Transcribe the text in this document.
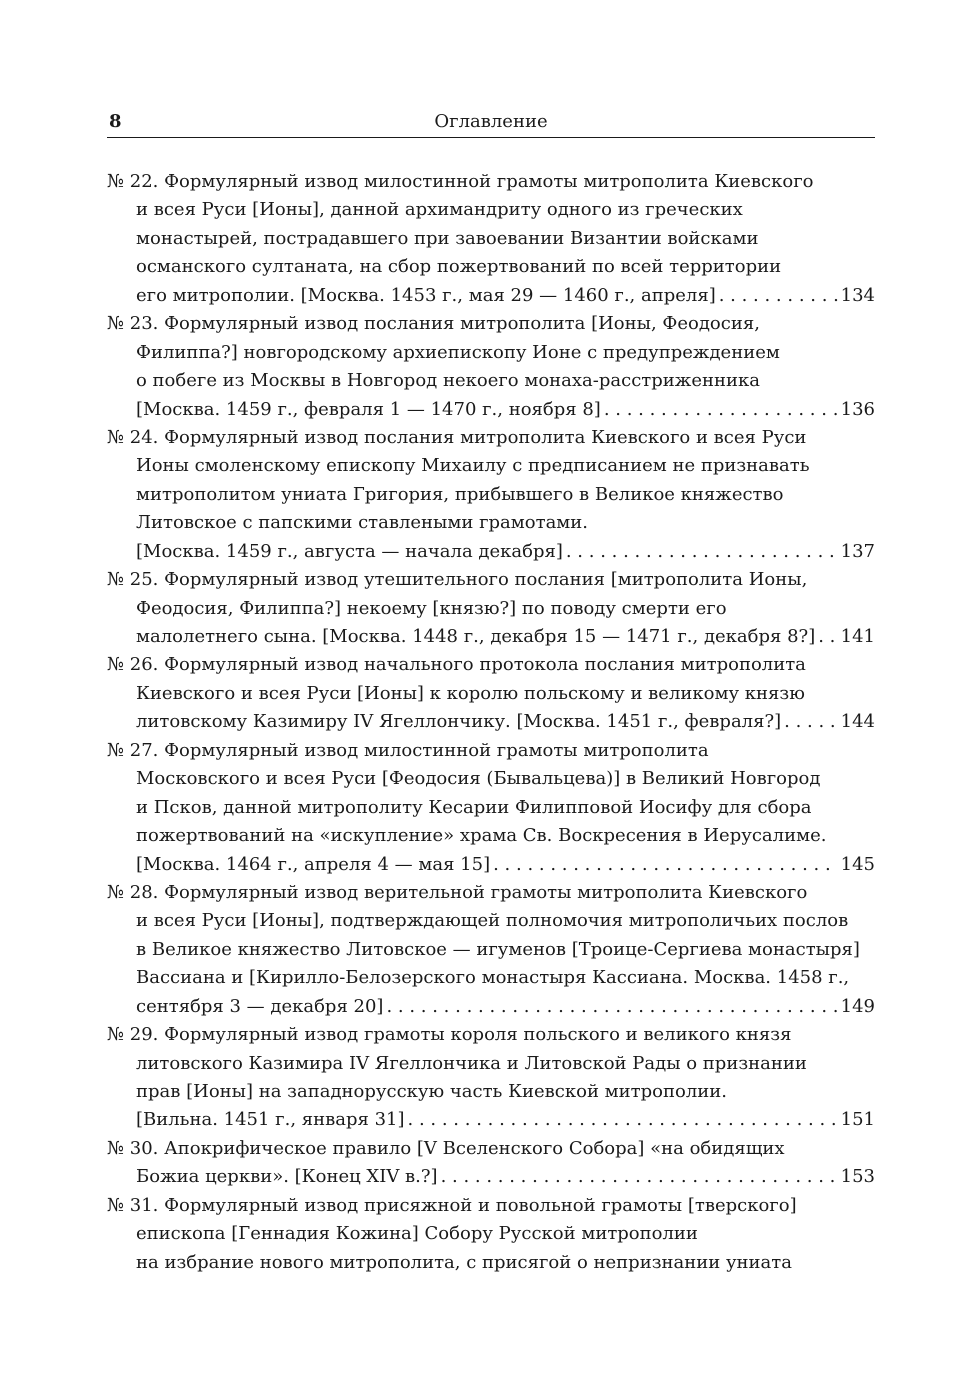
8	Оглавление
№ 22. Формулярный извод милостинной грамоты митрополита Киевского
и всея Руси [Ионы], данной архимандриту одного из греческих
монастырей, пострадавшего при завоевании Византии войсками
османского султаната, на сбор пожертвований по всей территории
его митрополии. [Москва. 1453 г., мая 29 — 1460 г., апреля] . . .	134
№ 23. Формулярный извод послания митрополита [Ионы, Феодосия,
Филиппа?] новгородскому архиепископу Ионе с предупреждением
о побеге из Москвы в Новгород некоего монаха-расстриженника
[Москва. 1459 г., февраля 1 — 1470 г., ноября 8] . . .	136
№ 24. Формулярный извод послания митрополита Киевского и всея Руси
Ионы смоленскому епископу Михаилу с предписанием не признавать
митрополитом униата Григория, прибывшего в Великое княжество
Литовское с папскими ставлеными грамотами.
[Москва. 1459 г., августа — начала декабря] . . .	137
№ 25. Формулярный извод утешительного послания [митрополита Ионы,
Феодосия, Филиппа?] некоему [князю?] по поводу смерти его
малолетнего сына. [Москва. 1448 г., декабря 15 — 1471 г., декабря 8?] . . . 141
№ 26. Формулярный извод начального протокола послания митрополита
Киевского и всея Руси [Ионы] к королю польскому и великому князю
литовскому Казимиру IV Ягеллончику. [Москва. 1451 г., февраля?] . . .	144
№ 27. Формулярный извод милостинной грамоты митрополита
Московского и всея Руси [Феодосия (Бывальцева)] в Великий Новгород
и Псков, данной митрополиту Кесарии Филипповой Иосифу для сбора
пожертвований на «искупление» храма Св. Воскресения в Иерусалиме.
[Москва. 1464 г., апреля 4 — мая 15] . . .	145
№ 28. Формулярный извод верительной грамоты митрополита Киевского
и всея Руси [Ионы], подтверждающей полномочия митрополичьих послов
в Великое княжество Литовское — игуменов [Троице-Сергиева монастыря]
Вассиана и [Кирилло-Белозерского монастыря Кассиана. Москва. 1458 г.,
сентября 3 — декабря 20] . . .	149
№ 29. Формулярный извод грамоты короля польского и великого князя
литовского Казимира IV Ягеллончика и Литовской Рады о признании
прав [Ионы] на западнорусскую часть Киевской митрополии.
[Вильна. 1451 г., января 31] . . .	151
№ 30. Апокрифическое правило [V Вселенского Собора] «на обидящих
Божиа церкви». [Конец XIV в.?] . . .	153
№ 31. Формулярный извод присяжной и повольной грамоты [тверского]
епископа [Геннадия Кожина] Собору Русской митрополии
на избрание нового митрополита, с присягой о непризнании униата
